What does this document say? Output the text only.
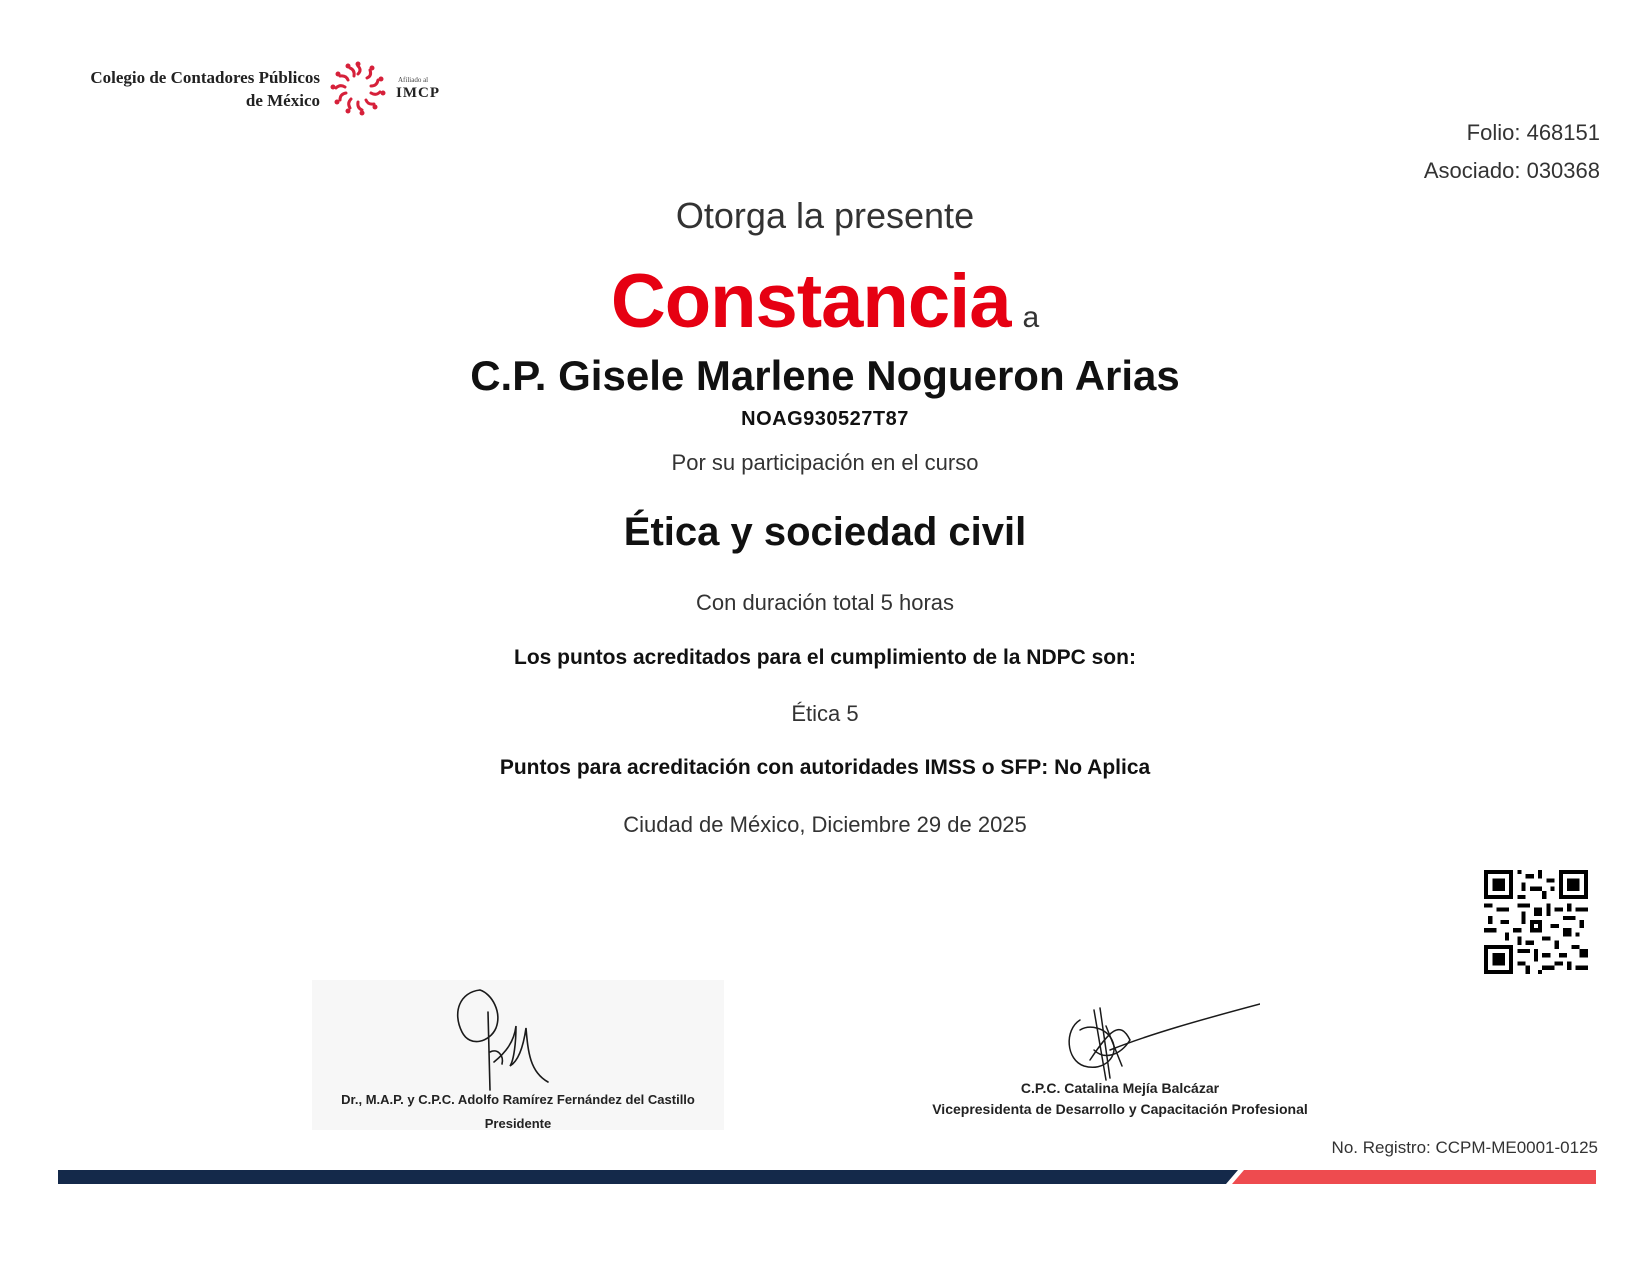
Colegio de Contadores Públicos
de México
Afiliado al
IMCP
Folio: 468151
Asociado: 030368
Otorga la presente
Constancia a
C.P. Gisele Marlene Nogueron Arias
NOAG930527T87
Por su participación en el curso
Ética y sociedad civil
Con duración total 5 horas
Los puntos acreditados para el cumplimiento de la NDPC son:
Ética 5
Puntos para acreditación con autoridades IMSS o SFP: No Aplica
Ciudad de México, Diciembre 29 de 2025
Dr., M.A.P. y C.P.C. Adolfo Ramírez Fernández del Castillo
Presidente
C.P.C. Catalina Mejía Balcázar
Vicepresidenta de Desarrollo y Capacitación Profesional
No. Registro: CCPM-ME0001-0125
